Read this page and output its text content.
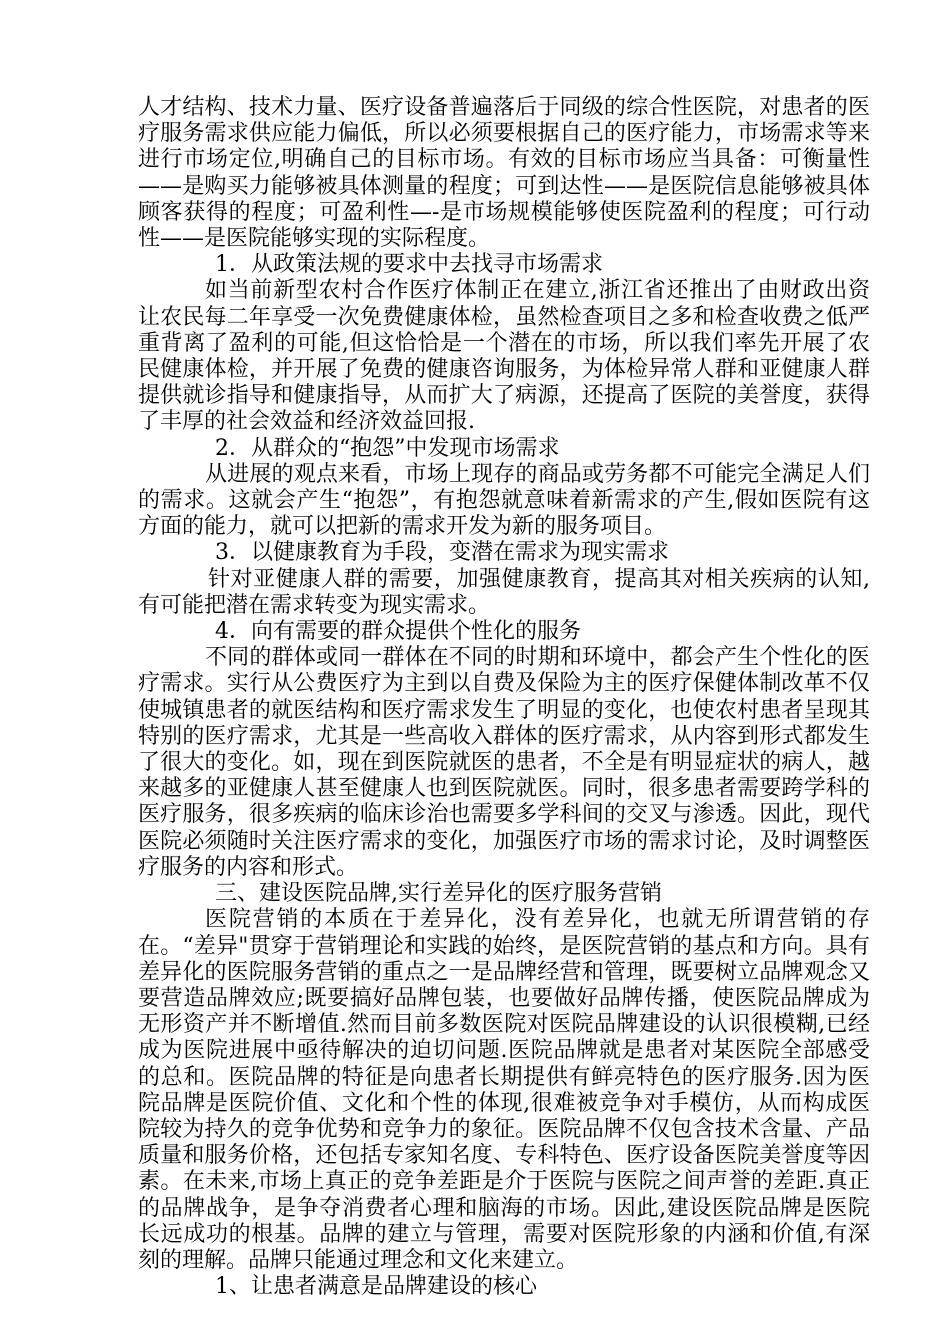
人才结构、技术力量、医疗设备普遍落后于同级的综合性医院，对患者的医疗服务需求供应能力偏低，所以必须要根据自己的医疗能力，市场需求等来进行市场定位,明确自己的目标市场。有效的目标市场应当具备：可衡量性——是购买力能够被具体测量的程度；可到达性——是医院信息能够被具体顾客获得的程度；可盈利性—-是市场规模能够使医院盈利的程度；可行动性——是医院能够实现的实际程度。

1．从政策法规的要求中去找寻市场需求

如当前新型农村合作医疗体制正在建立,浙江省还推出了由财政出资让农民每二年享受一次免费健康体检，虽然检查项目之多和检查收费之低严重背离了盈利的可能,但这恰恰是一个潜在的市场，所以我们率先开展了农民健康体检，并开展了免费的健康咨询服务，为体检异常人群和亚健康人群提供就诊指导和健康指导，从而扩大了病源，还提高了医院的美誉度，获得了丰厚的社会效益和经济效益回报.

2．从群众的“抱怨”中发现市场需求

从进展的观点来看，市场上现存的商品或劳务都不可能完全满足人们的需求。这就会产生“抱怨”，有抱怨就意味着新需求的产生,假如医院有这方面的能力，就可以把新的需求开发为新的服务项目。

3．以健康教育为手段，变潜在需求为现实需求

针对亚健康人群的需要，加强健康教育，提高其对相关疾病的认知,有可能把潜在需求转变为现实需求。

4．向有需要的群众提供个性化的服务

不同的群体或同一群体在不同的时期和环境中，都会产生个性化的医疗需求。实行从公费医疗为主到以自费及保险为主的医疗保健体制改革不仅使城镇患者的就医结构和医疗需求发生了明显的变化，也使农村患者呈现其特别的医疗需求，尤其是一些高收入群体的医疗需求，从内容到形式都发生了很大的变化。如，现在到医院就医的患者，不全是有明显症状的病人，越来越多的亚健康人甚至健康人也到医院就医。同时，很多患者需要跨学科的医疗服务，很多疾病的临床诊治也需要多学科间的交叉与渗透。因此，现代医院必须随时关注医疗需求的变化，加强医疗市场的需求讨论，及时调整医疗服务的内容和形式。

三、建设医院品牌,实行差异化的医疗服务营销

医院营销的本质在于差异化，没有差异化，也就无所谓营销的存在。“差异"贯穿于营销理论和实践的始终，是医院营销的基点和方向。具有差异化的医院服务营销的重点之一是品牌经营和管理，既要树立品牌观念又要营造品牌效应;既要搞好品牌包装，也要做好品牌传播，使医院品牌成为无形资产并不断增值.然而目前多数医院对医院品牌建设的认识很模糊,已经成为医院进展中亟待解决的迫切问题.医院品牌就是患者对某医院全部感受的总和。医院品牌的特征是向患者长期提供有鲜亮特色的医疗服务.因为医院品牌是医院价值、文化和个性的体现,很难被竞争对手模仿，从而构成医院较为持久的竞争优势和竞争力的象征。医院品牌不仅包含技术含量、产品质量和服务价格，还包括专家知名度、专科特色、医疗设备医院美誉度等因素。在未来,市场上真正的竞争差距是介于医院与医院之间声誉的差距.真正的品牌战争，是争夺消费者心理和脑海的市场。因此,建设医院品牌是医院长远成功的根基。品牌的建立与管理，需要对医院形象的内涵和价值,有深刻的理解。品牌只能通过理念和文化来建立。

1、让患者满意是品牌建设的核心
